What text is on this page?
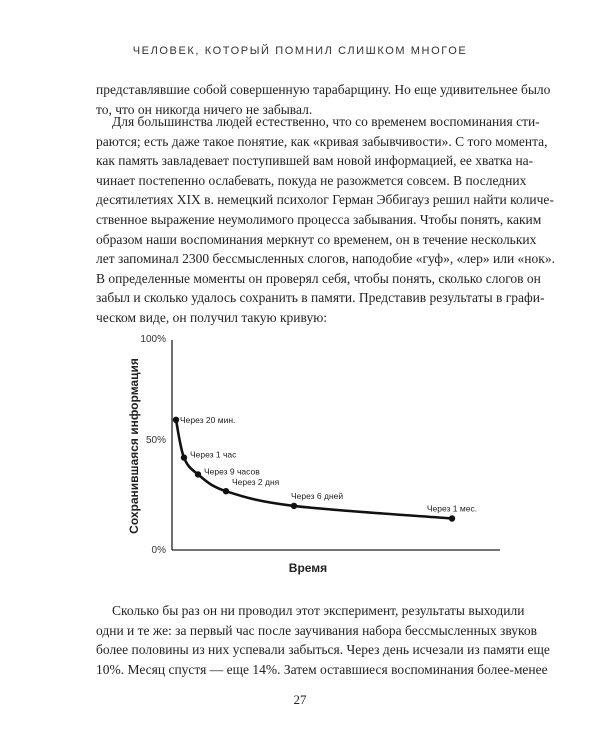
ЧЕЛОВЕК, КОТОРЫЙ ПОМНИЛ СЛИШКОМ МНОГОЕ
представлявшие собой совершенную тарабарщину. Но еще удивительнее было
то, что он никогда ничего не забывал.
Для большинства людей естественно, что со временем воспоминания сти-
раются; есть даже такое понятие, как «кривая забывчивости». С того момента,
как память завладевает поступившей вам новой информацией, ее хватка на-
чинает постепенно ослабевать, покуда не разожмется совсем. В последних
десятилетиях XIX в. немецкий психолог Герман Эббигауз решил найти количе-
ственное выражение неумолимого процесса забывания. Чтобы понять, каким
образом наши воспоминания меркнут со временем, он в течение нескольких
лет запоминал 2300 бессмысленных слогов, наподобие «гуф», «лер» или «нок».
В определенные моменты он проверял себя, чтобы понять, сколько слогов он
забыл и сколько удалось сохранить в памяти. Представив результаты в графи-
ческом виде, он получил такую кривую:
100%
50%
0%
Сохранившаяся информация
Время
Через 20 мин.
Через 1 час
Через 9 часов
Через 2 дня
Через 6 дней
Через 1 мес.
Сколько бы раз он ни проводил этот эксперимент, результаты выходили
одни и те же: за первый час после заучивания набора бессмысленных звуков
более половины из них успевали забыться. Через день исчезали из памяти еще
10%. Месяц спустя — еще 14%. Затем оставшиеся воспоминания более-менее
27
